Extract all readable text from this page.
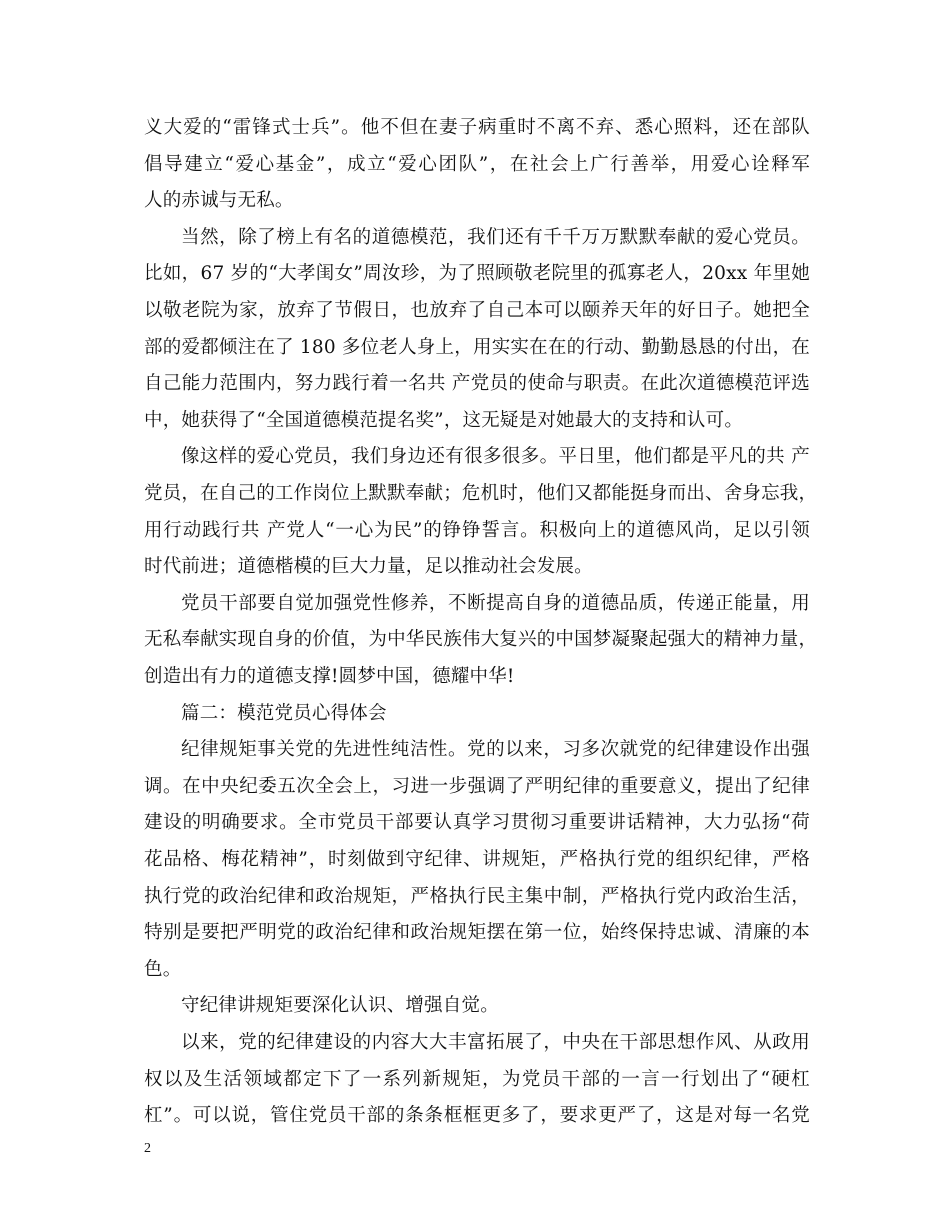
义大爱的“雷锋式士兵”。他不但在妻子病重时不离不弃、悉心照料，还在部队
倡导建立“爱心基金”，成立“爱心团队”，在社会上广行善举，用爱心诠释军
人的赤诚与无私。
当然，除了榜上有名的道德模范，我们还有千千万万默默奉献的爱心党员。
比如，67 岁的“大孝闺女”周汝珍，为了照顾敬老院里的孤寡老人，20xx 年里她
以敬老院为家，放弃了节假日，也放弃了自己本可以颐养天年的好日子。她把全
部的爱都倾注在了 180 多位老人身上，用实实在在的行动、勤勤恳恳的付出，在
自己能力范围内，努力践行着一名共 产党员的使命与职责。在此次道德模范评选
中，她获得了“全国道德模范提名奖”，这无疑是对她最大的支持和认可。
像这样的爱心党员，我们身边还有很多很多。平日里，他们都是平凡的共 产
党员，在自己的工作岗位上默默奉献；危机时，他们又都能挺身而出、舍身忘我，
用行动践行共 产党人“一心为民”的铮铮誓言。积极向上的道德风尚，足以引领
时代前进；道德楷模的巨大力量，足以推动社会发展。
党员干部要自觉加强党性修养，不断提高自身的道德品质，传递正能量，用
无私奉献实现自身的价值，为中华民族伟大复兴的中国梦凝聚起强大的精神力量，
创造出有力的道德支撑!圆梦中国，德耀中华!
篇二：模范党员心得体会
纪律规矩事关党的先进性纯洁性。党的以来，习多次就党的纪律建设作出强
调。在中央纪委五次全会上，习进一步强调了严明纪律的重要意义，提出了纪律
建设的明确要求。全市党员干部要认真学习贯彻习重要讲话精神，大力弘扬“荷
花品格、梅花精神”，时刻做到守纪律、讲规矩，严格执行党的组织纪律，严格
执行党的政治纪律和政治规矩，严格执行民主集中制，严格执行党内政治生活，
特别是要把严明党的政治纪律和政治规矩摆在第一位，始终保持忠诚、清廉的本
色。
守纪律讲规矩要深化认识、增强自觉。
以来，党的纪律建设的内容大大丰富拓展了，中央在干部思想作风、从政用
权以及生活领域都定下了一系列新规矩，为党员干部的一言一行划出了“硬杠
杠”。可以说，管住党员干部的条条框框更多了，要求更严了，这是对每一名党
2
